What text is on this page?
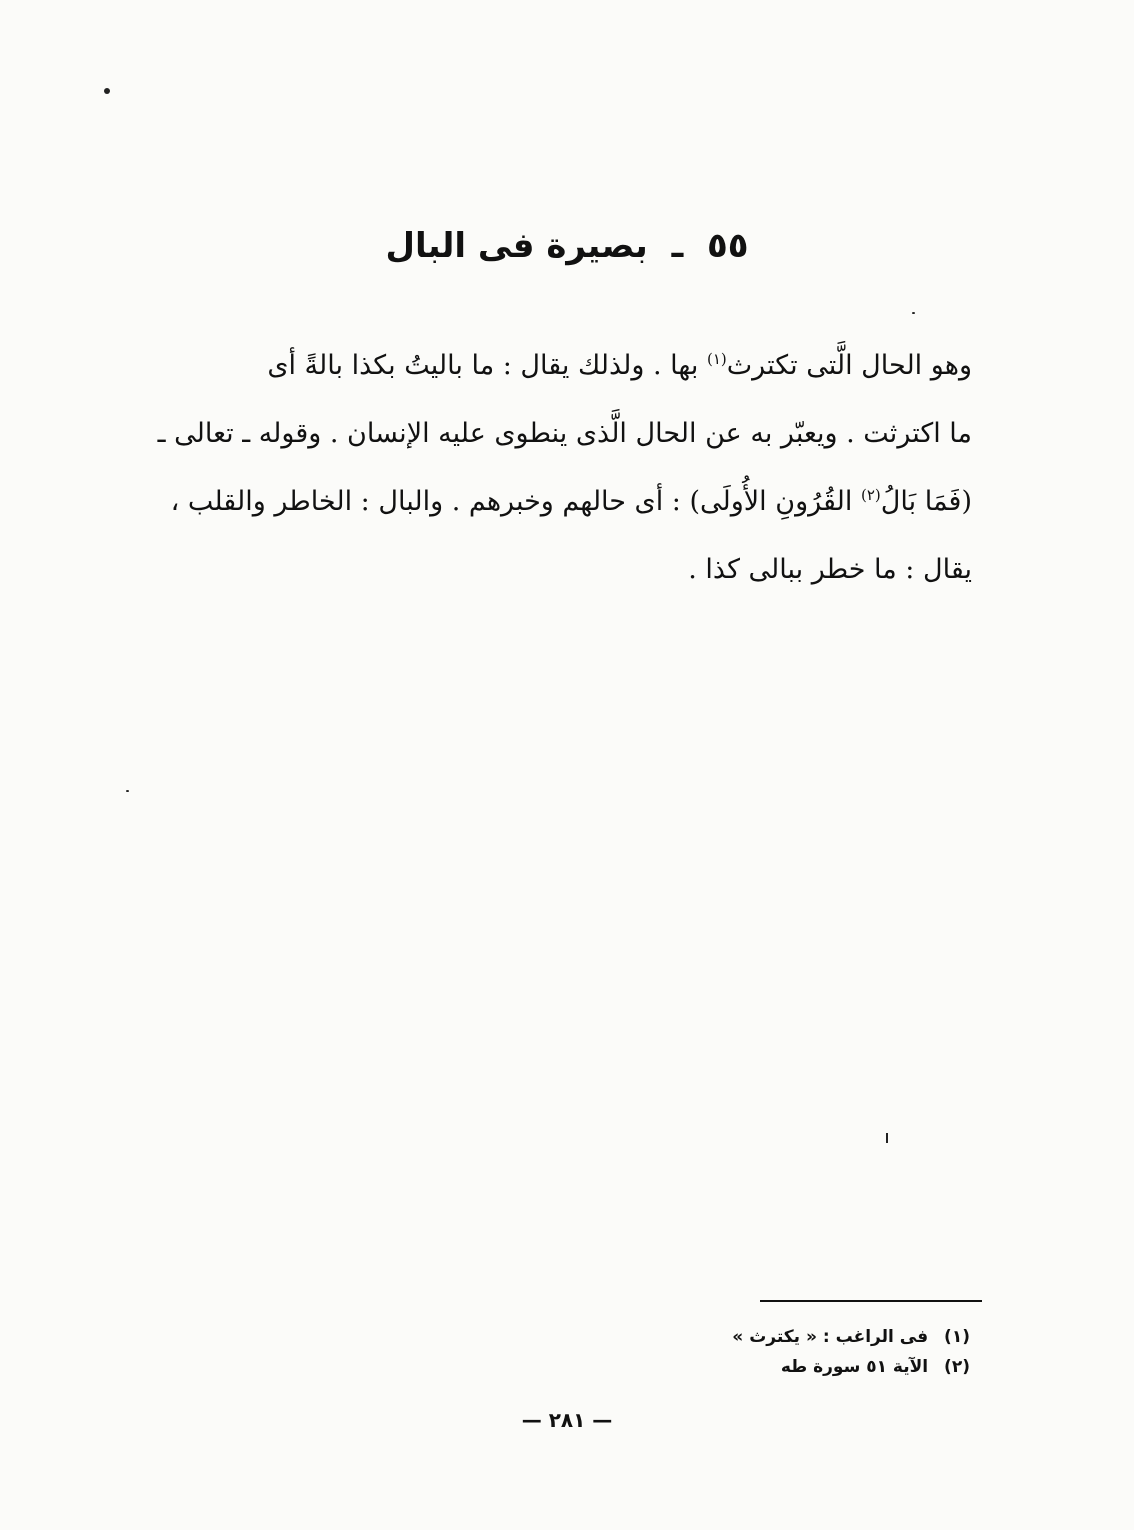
٥٥ ـ بصيرة فى البال
وهو الحال الَّتى تكترث$^{(١)}$ بها . ولذلك يقال : ما باليتُ بكذا بالةً أى
ما اكترثت . ويعبّر به عن الحال الَّذى ينطوى عليه الإنسان . وقوله ـ تعالى ـ
(فَمَا بَالُ$^{(٢)}$ القُرُونِ الأُولَى) : أى حالهم وخبرهم . والبال : الخاطر والقلب ،
يقال : ما خطر ببالى كذا .
(١) فى الراغب : « يكترث »
(٢) الآية ٥١ سورة طه
— ٢٨١ —
